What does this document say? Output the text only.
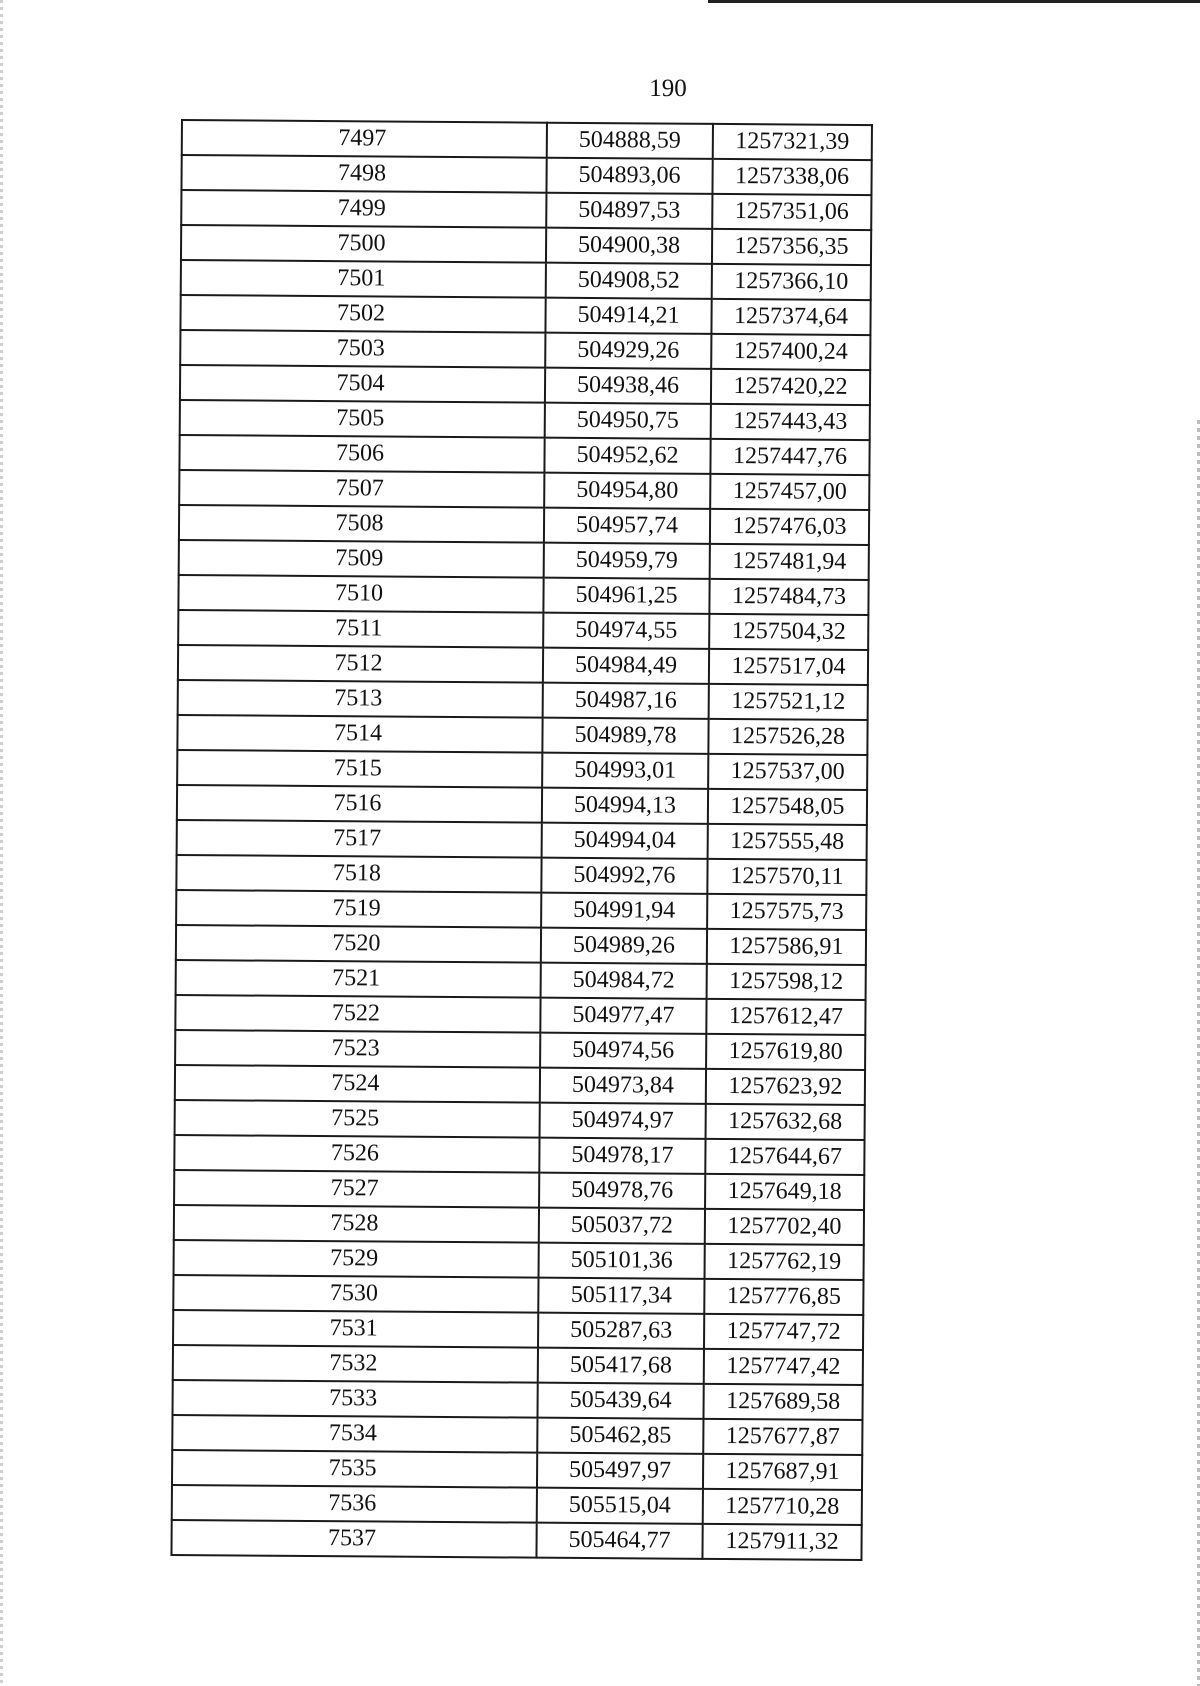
190
7497	504888,59	1257321,39
7498	504893,06	1257338,06
7499	504897,53	1257351,06
7500	504900,38	1257356,35
7501	504908,52	1257366,10
7502	504914,21	1257374,64
7503	504929,26	1257400,24
7504	504938,46	1257420,22
7505	504950,75	1257443,43
7506	504952,62	1257447,76
7507	504954,80	1257457,00
7508	504957,74	1257476,03
7509	504959,79	1257481,94
7510	504961,25	1257484,73
7511	504974,55	1257504,32
7512	504984,49	1257517,04
7513	504987,16	1257521,12
7514	504989,78	1257526,28
7515	504993,01	1257537,00
7516	504994,13	1257548,05
7517	504994,04	1257555,48
7518	504992,76	1257570,11
7519	504991,94	1257575,73
7520	504989,26	1257586,91
7521	504984,72	1257598,12
7522	504977,47	1257612,47
7523	504974,56	1257619,80
7524	504973,84	1257623,92
7525	504974,97	1257632,68
7526	504978,17	1257644,67
7527	504978,76	1257649,18
7528	505037,72	1257702,40
7529	505101,36	1257762,19
7530	505117,34	1257776,85
7531	505287,63	1257747,72
7532	505417,68	1257747,42
7533	505439,64	1257689,58
7534	505462,85	1257677,87
7535	505497,97	1257687,91
7536	505515,04	1257710,28
7537	505464,77	1257911,32
